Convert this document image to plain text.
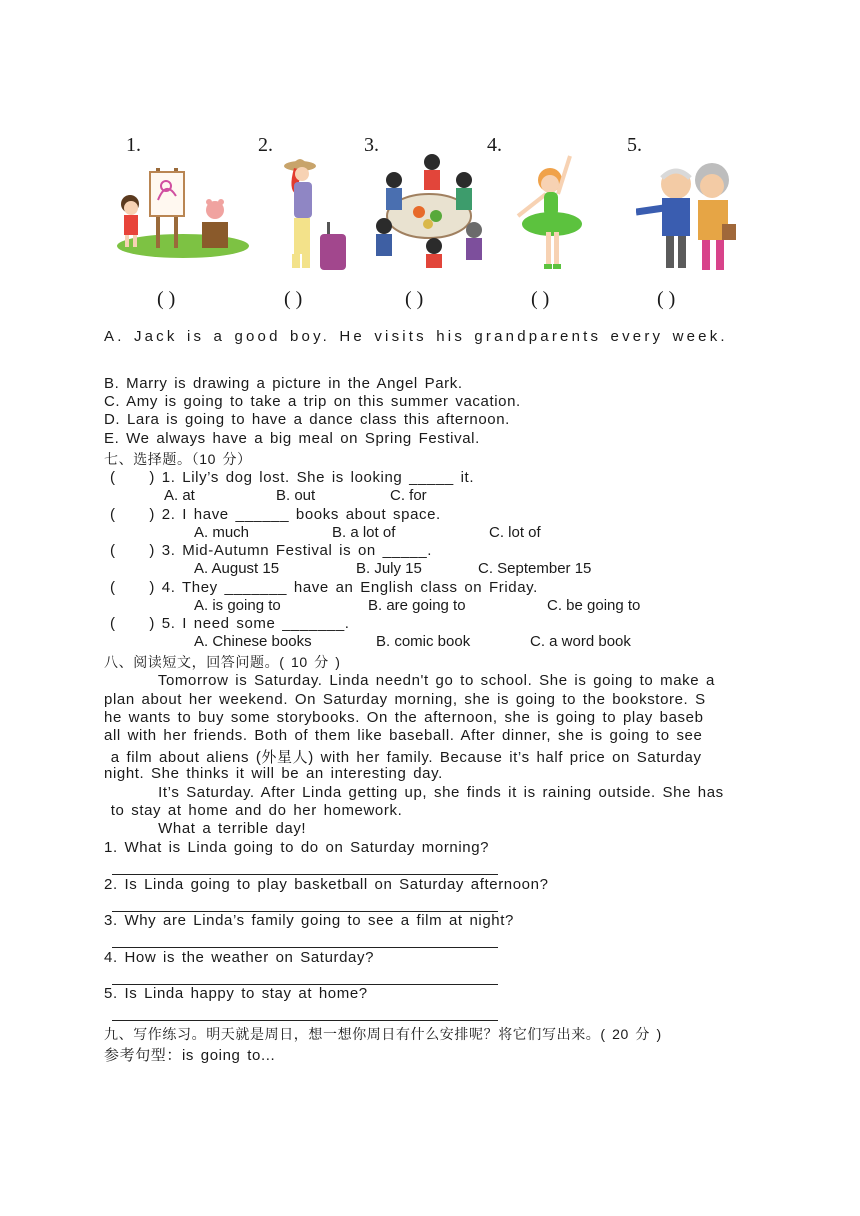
1.	2.	3.	4.	5.
( )	( )	( )	( )	( )
A. Jack is a good boy. He visits his grandparents every week.
B. Marry is drawing a picture in the Angel Park.
C. Amy is going to take a trip on this summer vacation.
D. Lara is going to have a dance class this afternoon.
E. We always have a big meal on Spring Festival.
七、选择题。（10 分）
(     ) 1. Lily’s dog lost. She is looking _____ it.
A. at	B. out	C. for
(     ) 2. I have ______ books about space.
A. much	B. a lot of	C. lot of
(     ) 3. Mid-Autumn Festival is on _____.
A. August 15	B. July 15	C. September 15
(     ) 4. They _______ have an English class on Friday.
A. is going to	B. are going to	C. be going to
(     ) 5. I need some _______.
A. Chinese books	B. comic book	C. a word book
八、阅读短文，回答问题。( 10 分 )
Tomorrow is Saturday. Linda needn't go to school. She is going to make a
plan about her weekend. On Saturday morning, she is going to the bookstore. S
he wants to buy some storybooks. On the afternoon, she is going to play baseb
all with her friends. Both of them like baseball. After dinner, she is going to see
a film about aliens (外星人) with her family. Because it’s half price on Saturday
night. She thinks it will be an interesting day.
It’s Saturday. After Linda getting up, she finds it is raining outside. She has
to stay at home and do her homework.
What a terrible day!
1. What is Linda going to do on Saturday morning?
2. Is Linda going to play basketball on Saturday afternoon?
3. Why are Linda’s family going to see a film at night?
4. How is the weather on Saturday?
5. Is Linda happy to stay at home?
九、写作练习。明天就是周日，想一想你周日有什么安排呢？将它们写出来。( 20 分 )
参考句型：is going to...
